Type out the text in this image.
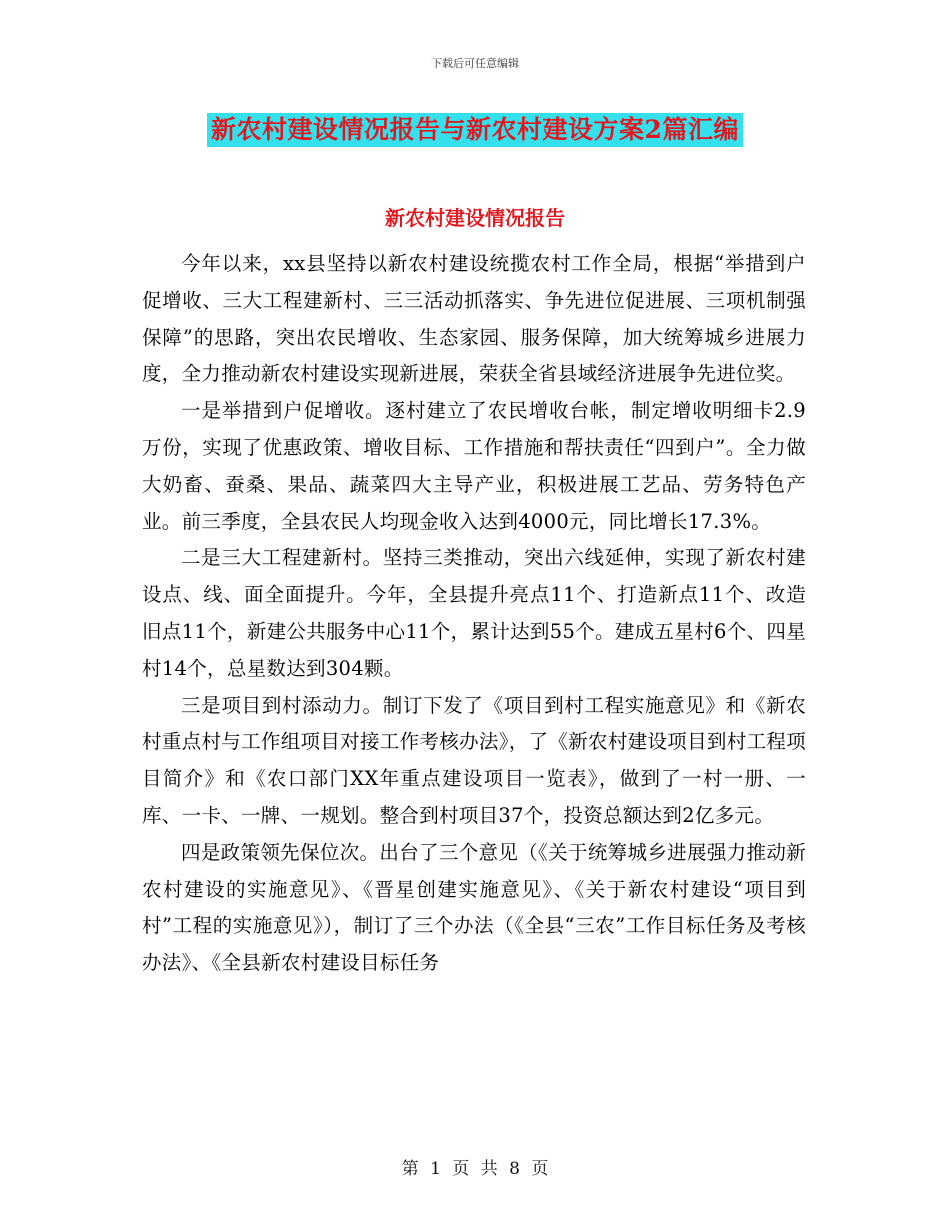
下载后可任意编辑
新农村建设情况报告与新农村建设方案2篇汇编
新农村建设情况报告

今年以来，xx县坚持以新农村建设统揽农村工作全局，根据“举措到户促增收、三大工程建新村、三三活动抓落实、争先进位促进展、三项机制强保障”的思路，突出农民增收、生态家园、服务保障，加大统筹城乡进展力度，全力推动新农村建设实现新进展，荣获全省县域经济进展争先进位奖。

一是举措到户促增收。逐村建立了农民增收台帐，制定增收明细卡2.9万份，实现了优惠政策、增收目标、工作措施和帮扶责任“四到户”。全力做大奶畜、蚕桑、果品、蔬菜四大主导产业，积极进展工艺品、劳务特色产业。前三季度，全县农民人均现金收入达到4000元，同比增长17.3%。

二是三大工程建新村。坚持三类推动，突出六线延伸，实现了新农村建设点、线、面全面提升。今年，全县提升亮点11个、打造新点11个、改造旧点11个，新建公共服务中心11个，累计达到55个。建成五星村6个、四星村14个，总星数达到304颗。

三是项目到村添动力。制订下发了《项目到村工程实施意见》和《新农村重点村与工作组项目对接工作考核办法》，了《新农村建设项目到村工程项目简介》和《农口部门XX年重点建设项目一览表》，做到了一村一册、一库、一卡、一牌、一规划。整合到村项目37个，投资总额达到2亿多元。

四是政策领先保位次。出台了三个意见（《关于统筹城乡进展强力推动新农村建设的实施意见》、《晋星创建实施意见》、《关于新农村建设“项目到村”工程的实施意见》），制订了三个办法（《全县“三农”工作目标任务及考核办法》、《全县新农村建设目标任务

第 1 页 共 8 页
